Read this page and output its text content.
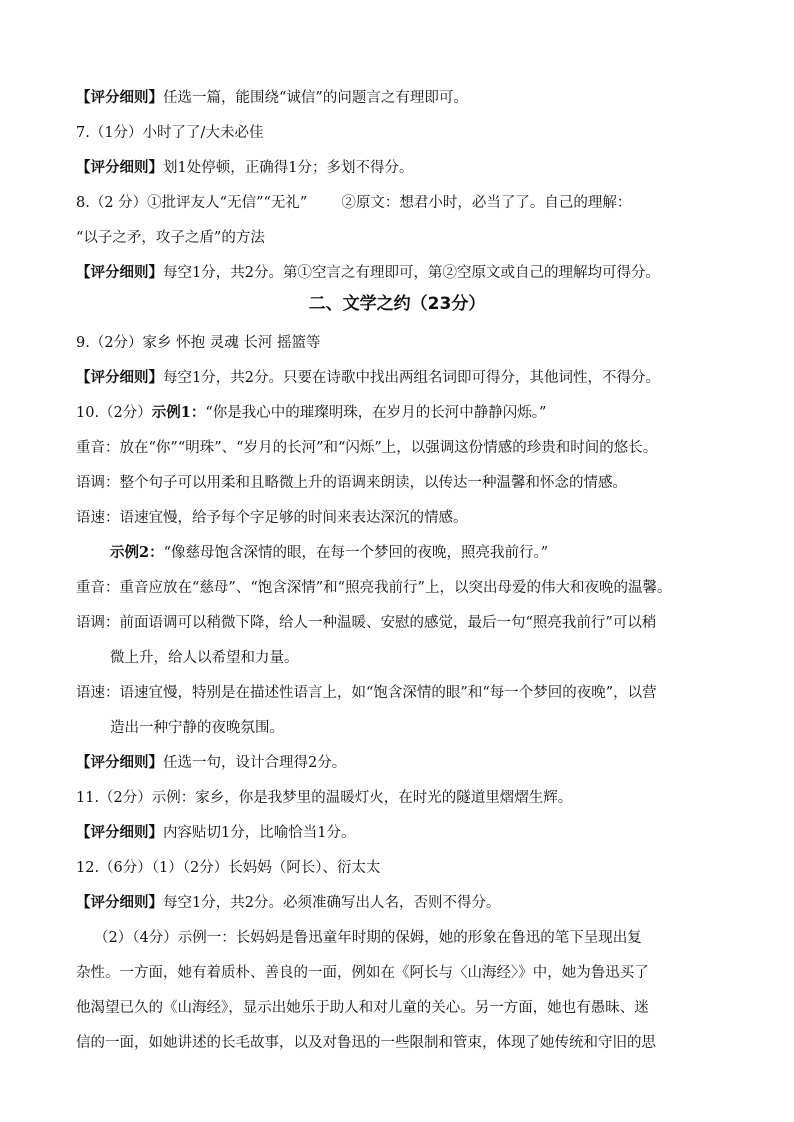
【评分细则】任选一篇，能围绕“诚信”的问题言之有理即可。
7.（1分）小时了了/大未必佳
【评分细则】划1处停顿，正确得1分；多划不得分。
8.（2 分）①批评友人“无信”“无礼” ②原文：想君小时，必当了了。自己的理解：
“以子之矛，攻子之盾”的方法
【评分细则】每空1分，共2分。第①空言之有理即可，第②空原文或自己的理解均可得分。
二、文学之约（23分）
9.（2分）家乡 怀抱 灵魂 长河 摇篮等
【评分细则】每空1分，共2分。只要在诗歌中找出两组名词即可得分，其他词性，不得分。
10.（2分）示例1：“你是我心中的璀璨明珠，在岁月的长河中静静闪烁。”
重音：放在“你”“明珠”、“岁月的长河”和“闪烁”上，以强调这份情感的珍贵和时间的悠长。
语调：整个句子可以用柔和且略微上升的语调来朗读，以传达一种温馨和怀念的情感。
语速：语速宜慢，给予每个字足够的时间来表达深沉的情感。
示例2：“像慈母饱含深情的眼，在每一个梦回的夜晚，照亮我前行。”
重音：重音应放在“慈母”、“饱含深情”和“照亮我前行”上，以突出母爱的伟大和夜晚的温馨。
语调：前面语调可以稍微下降，给人一种温暖、安慰的感觉，最后一句“照亮我前行”可以稍
微上升，给人以希望和力量。
语速：语速宜慢，特别是在描述性语言上，如“饱含深情的眼”和“每一个梦回的夜晚”，以营
造出一种宁静的夜晚氛围。
【评分细则】任选一句，设计合理得2分。
11.（2分）示例：家乡，你是我梦里的温暖灯火，在时光的隧道里熠熠生辉。
【评分细则】内容贴切1分，比喻恰当1分。
12.（6分）（1）（2分）长妈妈（阿长）、衍太太
【评分细则】每空1分，共2分。必须准确写出人名，否则不得分。
（2）（4分）示例一：长妈妈是鲁迅童年时期的保姆，她的形象在鲁迅的笔下呈现出复
杂性。一方面，她有着质朴、善良的一面，例如在《阿长与〈山海经〉》中，她为鲁迅买了
他渴望已久的《山海经》，显示出她乐于助人和对儿童的关心。另一方面，她也有愚昧、迷
信的一面，如她讲述的长毛故事，以及对鲁迅的一些限制和管束，体现了她传统和守旧的思
